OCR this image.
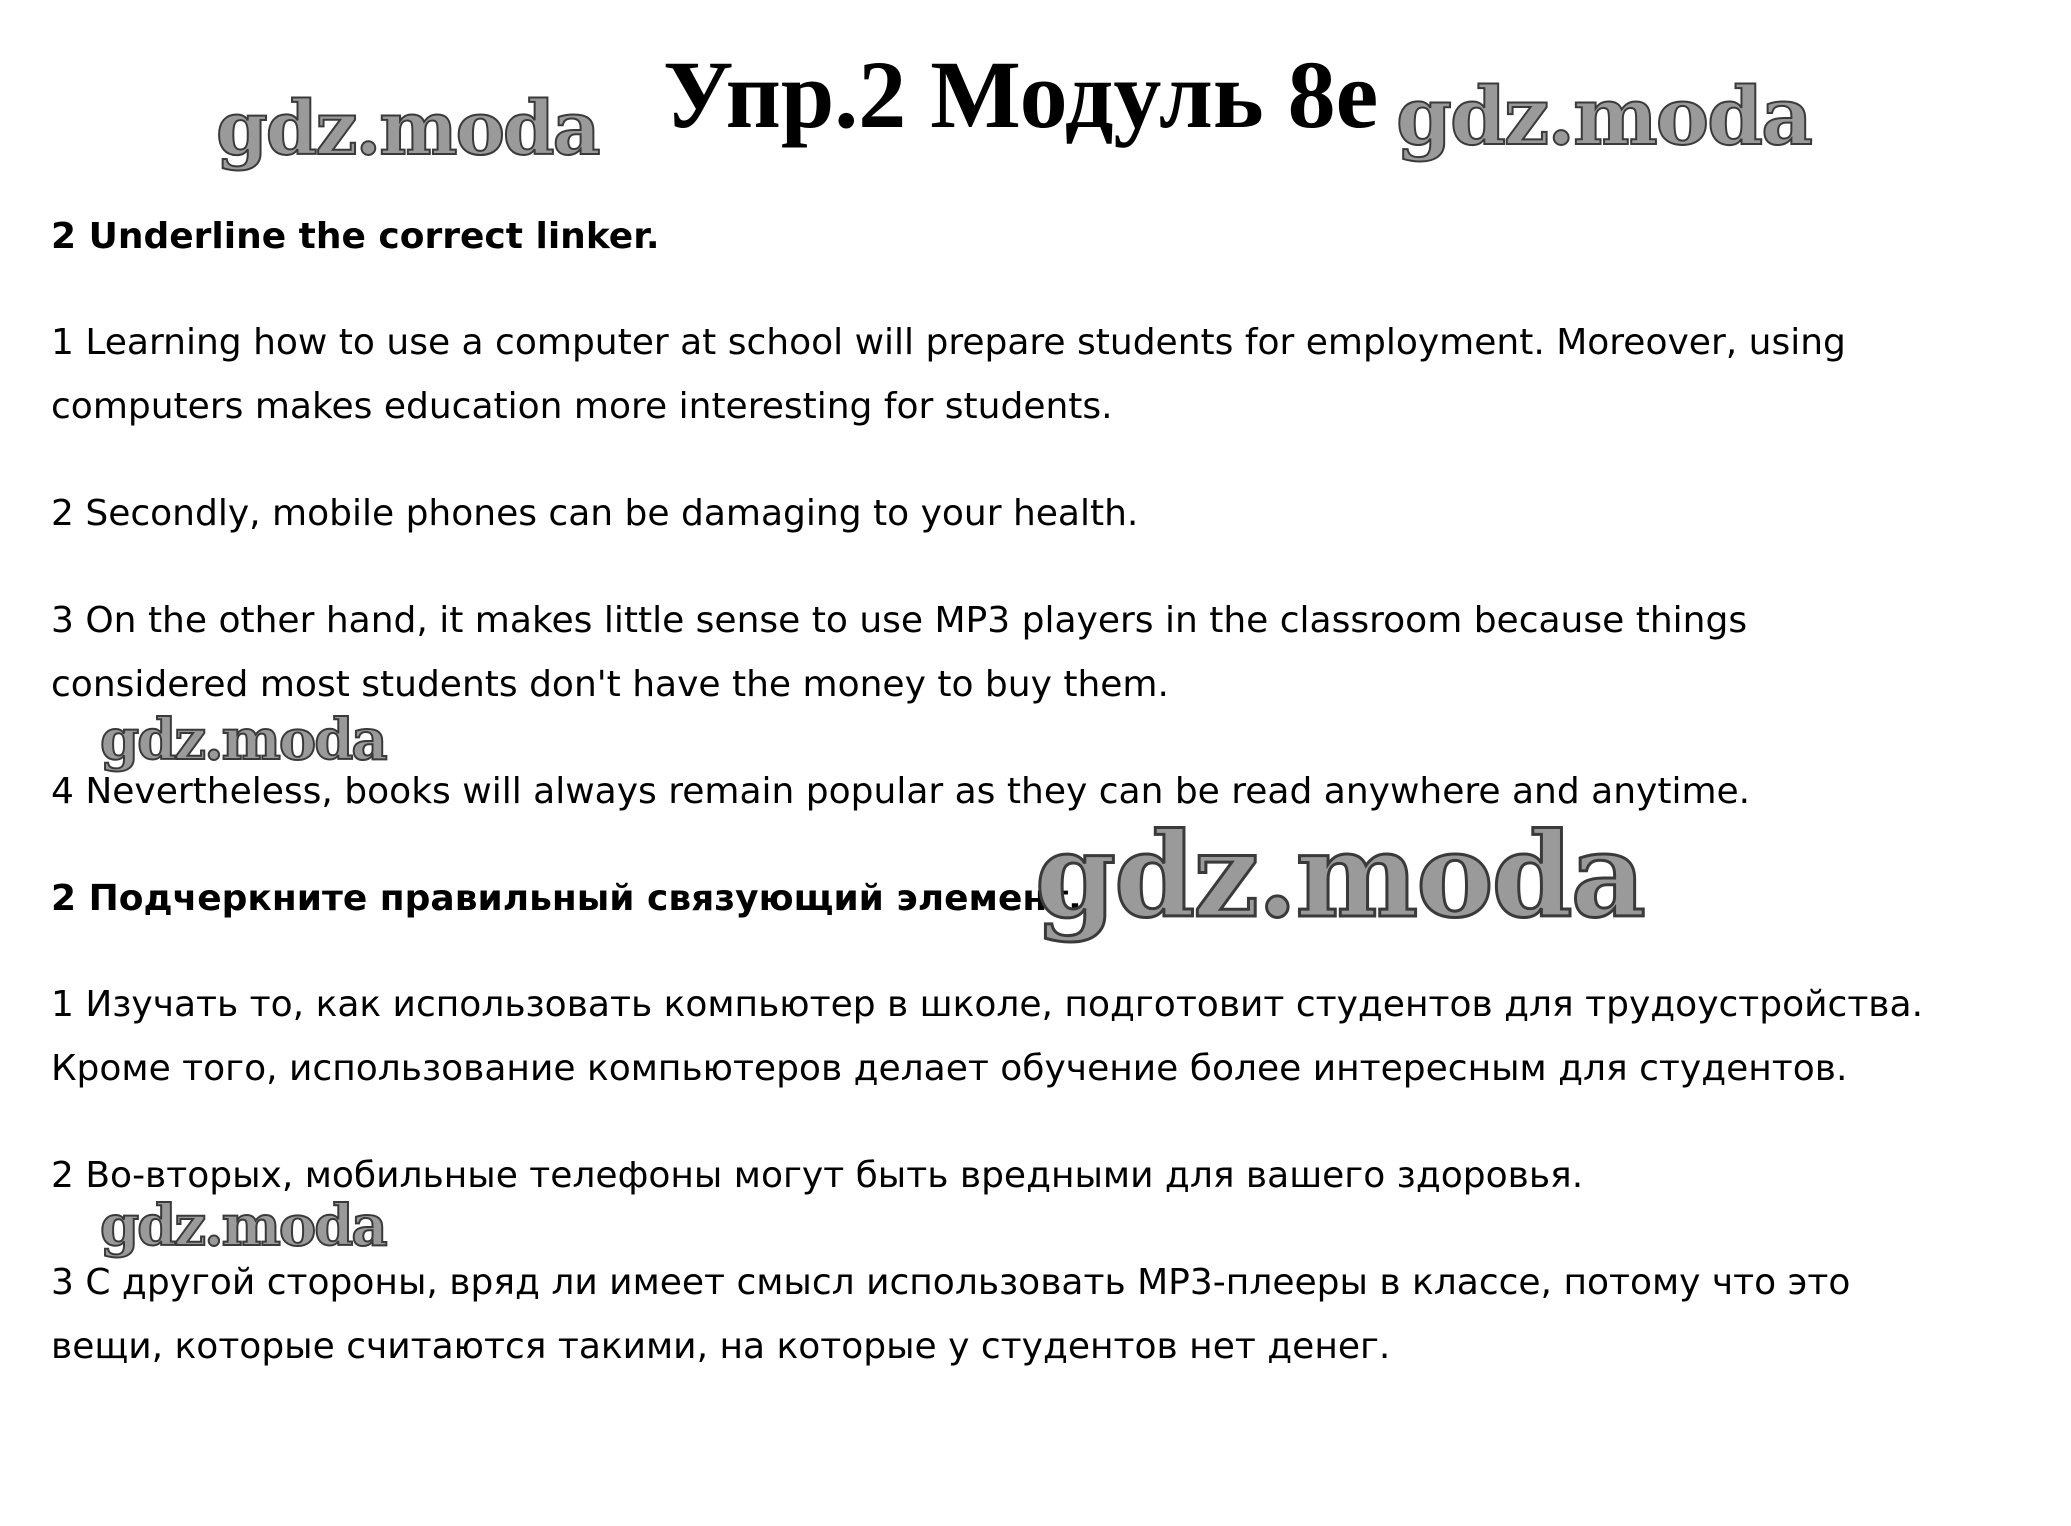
Упр.2 Модуль 8е
gdz.moda	gdz.moda

2 Underline the correct linker.

1 Learning how to use a computer at school will prepare students for employment. Moreover, using

computers makes education more interesting for students.

2 Secondly, mobile phones can be damaging to your health.

3 On the other hand, it makes little sense to use MP3 players in the classroom because things

considered most students don't have the money to buy them.

gdz.moda

4 Nevertheless, books will always remain popular as they can be read anywhere and anytime.

2 Подчеркните правильный связующий элемент.

gdz.moda

1 Изучать то, как использовать компьютер в школе, подготовит студентов для трудоустройства.

Кроме того, использование компьютеров делает обучение более интересным для студентов.

2 Во-вторых, мобильные телефоны могут быть вредными для вашего здоровья.

gdz.moda

3 С другой стороны, вряд ли имеет смысл использовать MP3-плееры в классе, потому что это

вещи, которые считаются такими, на которые у студентов нет денег.
